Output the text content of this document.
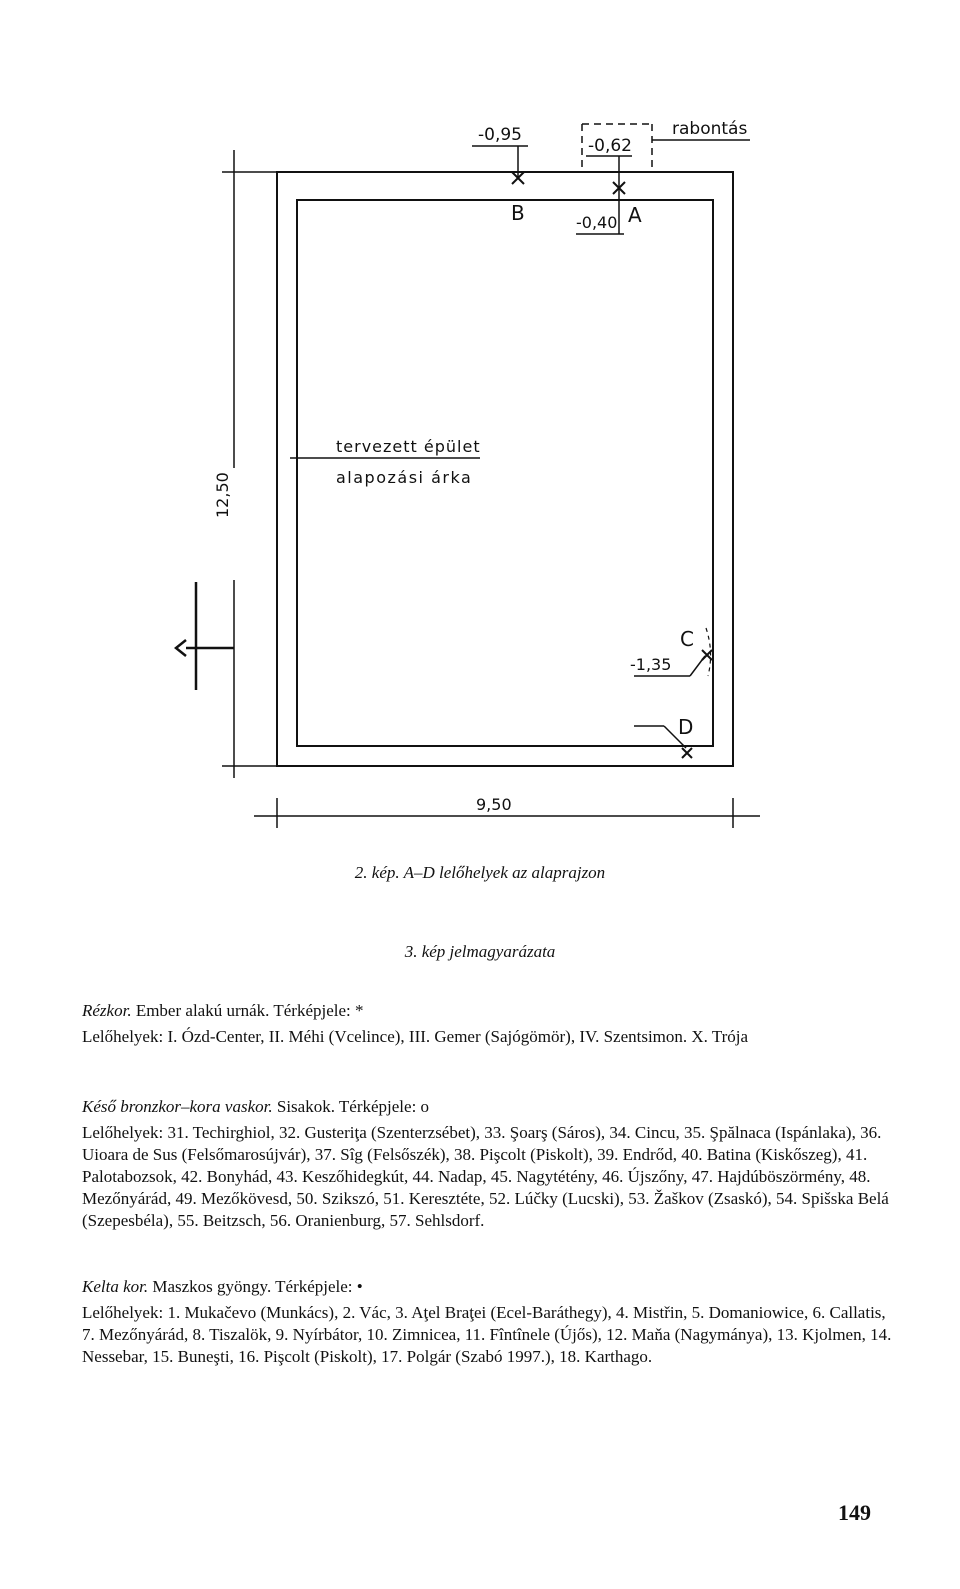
-0,95
-0,62
rabontás
B	-0,40 A
tervezett épület
alapozási árka
12,50
C
-1,35
D
9,50
2. kép. A–D lelőhelyek az alaprajzon
3. kép jelmagyarázata

Rézkor. Ember alakú urnák. Térképjele: *

Lelőhelyek: I. Ózd-Center, II. Méhi (Vcelince), III. Gemer (Sajógömör), IV. Szentsimon. X. Trója

Késő bronzkor–kora vaskor. Sisakok. Térképjele: o

Lelőhelyek: 31. Techirghiol, 32. Gusteriţa (Szenterzsébet), 33. Şoarş (Sáros), 34. Cincu, 35. Şpălnaca (Ispánlaka), 36. Uioara de Sus (Felsőmarosújvár), 37. Sîg (Felsőszék), 38. Pişcolt (Piskolt), 39. Endrőd, 40. Batina (Kiskőszeg), 41. Palotabozsok, 42. Bonyhád, 43. Keszőhidegkút, 44. Nadap, 45. Nagytétény, 46. Újszőny, 47. Hajdúböszörmény, 48. Mezőnyárád, 49. Mezőkövesd, 50. Szikszó, 51. Keresztéte, 52. Lúčky (Lucski), 53. Žaškov (Zsaskó), 54. Spišska Belá (Szepesbéla), 55. Beitzsch, 56. Oranienburg, 57. Sehlsdorf.

Kelta kor. Maszkos gyöngy. Térképjele: •

Lelőhelyek: 1. Mukačevo (Munkács), 2. Vác, 3. Aţel Braţei (Ecel-Baráthegy), 4. Mistřin, 5. Domaniowice, 6. Callatis, 7. Mezőnyárád, 8. Tiszalök, 9. Nyírbátor, 10. Zimnicea, 11. Fîntînele (Újős), 12. Maňa (Nagymánya), 13. Kjolmen, 14. Nessebar, 15. Buneşti, 16. Pişcolt (Piskolt), 17. Polgár (Szabó 1997.), 18. Karthago.

149
